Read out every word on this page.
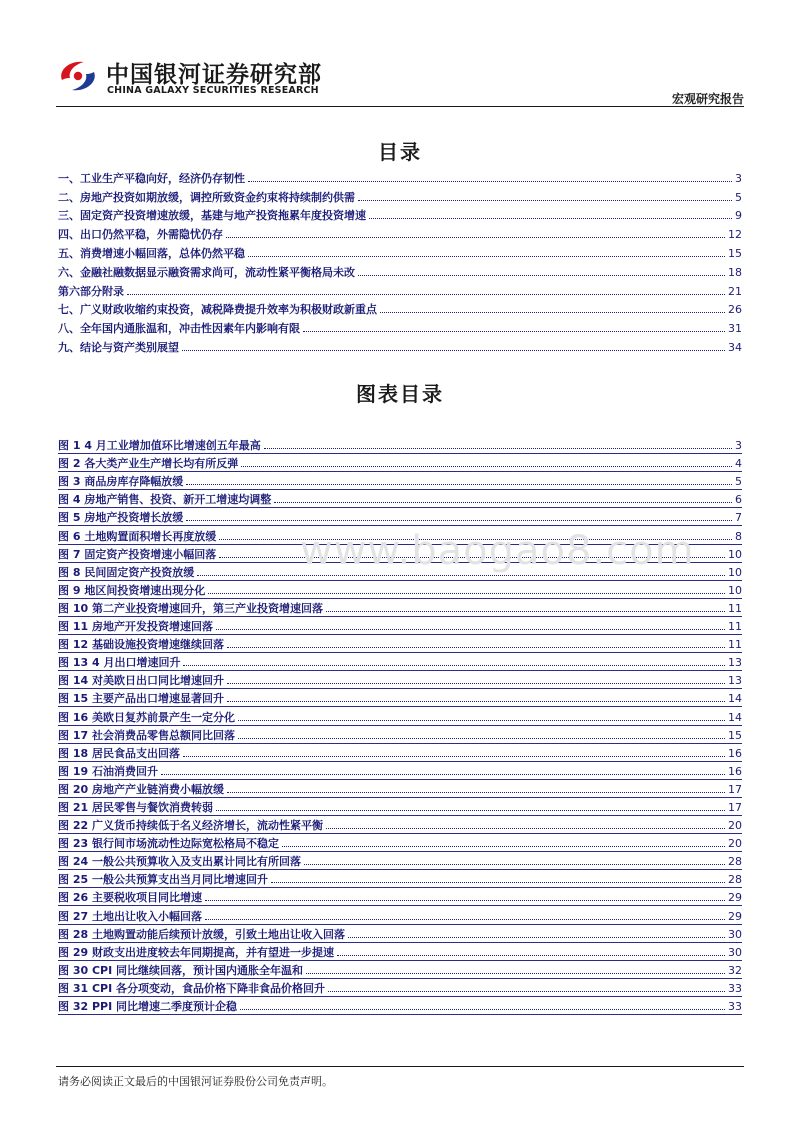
中国银河证券研究部
CHINA GALAXY SECURITIES RESEARCH
宏观研究报告
目录
一、工业生产平稳向好，经济仍存韧性	3
二、房地产投资如期放缓，调控所致资金约束将持续制约供需	5
三、固定资产投资增速放缓，基建与地产投资拖累年度投资增速	9
四、出口仍然平稳，外需隐忧仍存	12
五、消费增速小幅回落，总体仍然平稳	15
六、金融社融数据显示融资需求尚可，流动性紧平衡格局未改	18
第六部分附录	21
七、广义财政收缩约束投资，减税降费提升效率为积极财政新重点	26
八、全年国内通胀温和，冲击性因素年内影响有限	31
九、结论与资产类别展望	34
图表目录
图 1 4 月工业增加值环比增速创五年最高	3
图 2 各大类产业生产增长均有所反弹	4
图 3 商品房库存降幅放缓	5
图 4 房地产销售、投资、新开工增速均调整	6
图 5 房地产投资增长放缓	7
图 6 土地购置面积增长再度放缓	8
图 7 固定资产投资增速小幅回落	10
图 8 民间固定资产投资放缓	10
图 9 地区间投资增速出现分化	10
图 10 第二产业投资增速回升，第三产业投资增速回落	11
图 11 房地产开发投资增速回落	11
图 12 基础设施投资增速继续回落	11
图 13 4 月出口增速回升	13
图 14 对美欧日出口同比增速回升	13
图 15 主要产品出口增速显著回升	14
图 16 美欧日复苏前景产生一定分化	14
图 17 社会消费品零售总额同比回落	15
图 18 居民食品支出回落	16
图 19 石油消费回升	16
图 20 房地产产业链消费小幅放缓	17
图 21 居民零售与餐饮消费转弱	17
图 22 广义货币持续低于名义经济增长，流动性紧平衡	20
图 23 银行间市场流动性边际宽松格局不稳定	20
图 24 一般公共预算收入及支出累计同比有所回落	28
图 25 一般公共预算支出当月同比增速回升	28
图 26 主要税收项目同比增速	29
图 27 土地出让收入小幅回落	29
图 28 土地购置动能后续预计放缓，引致土地出让收入回落	30
图 29 财政支出进度较去年同期提高，并有望进一步提速	30
图 30 CPI 同比继续回落，预计国内通胀全年温和	32
图 31 CPI 各分项变动，食品价格下降非食品价格回升	33
图 32 PPI 同比增速二季度预计企稳	33
www.baogao8.com
请务必阅读正文最后的中国银河证券股份公司免责声明。
